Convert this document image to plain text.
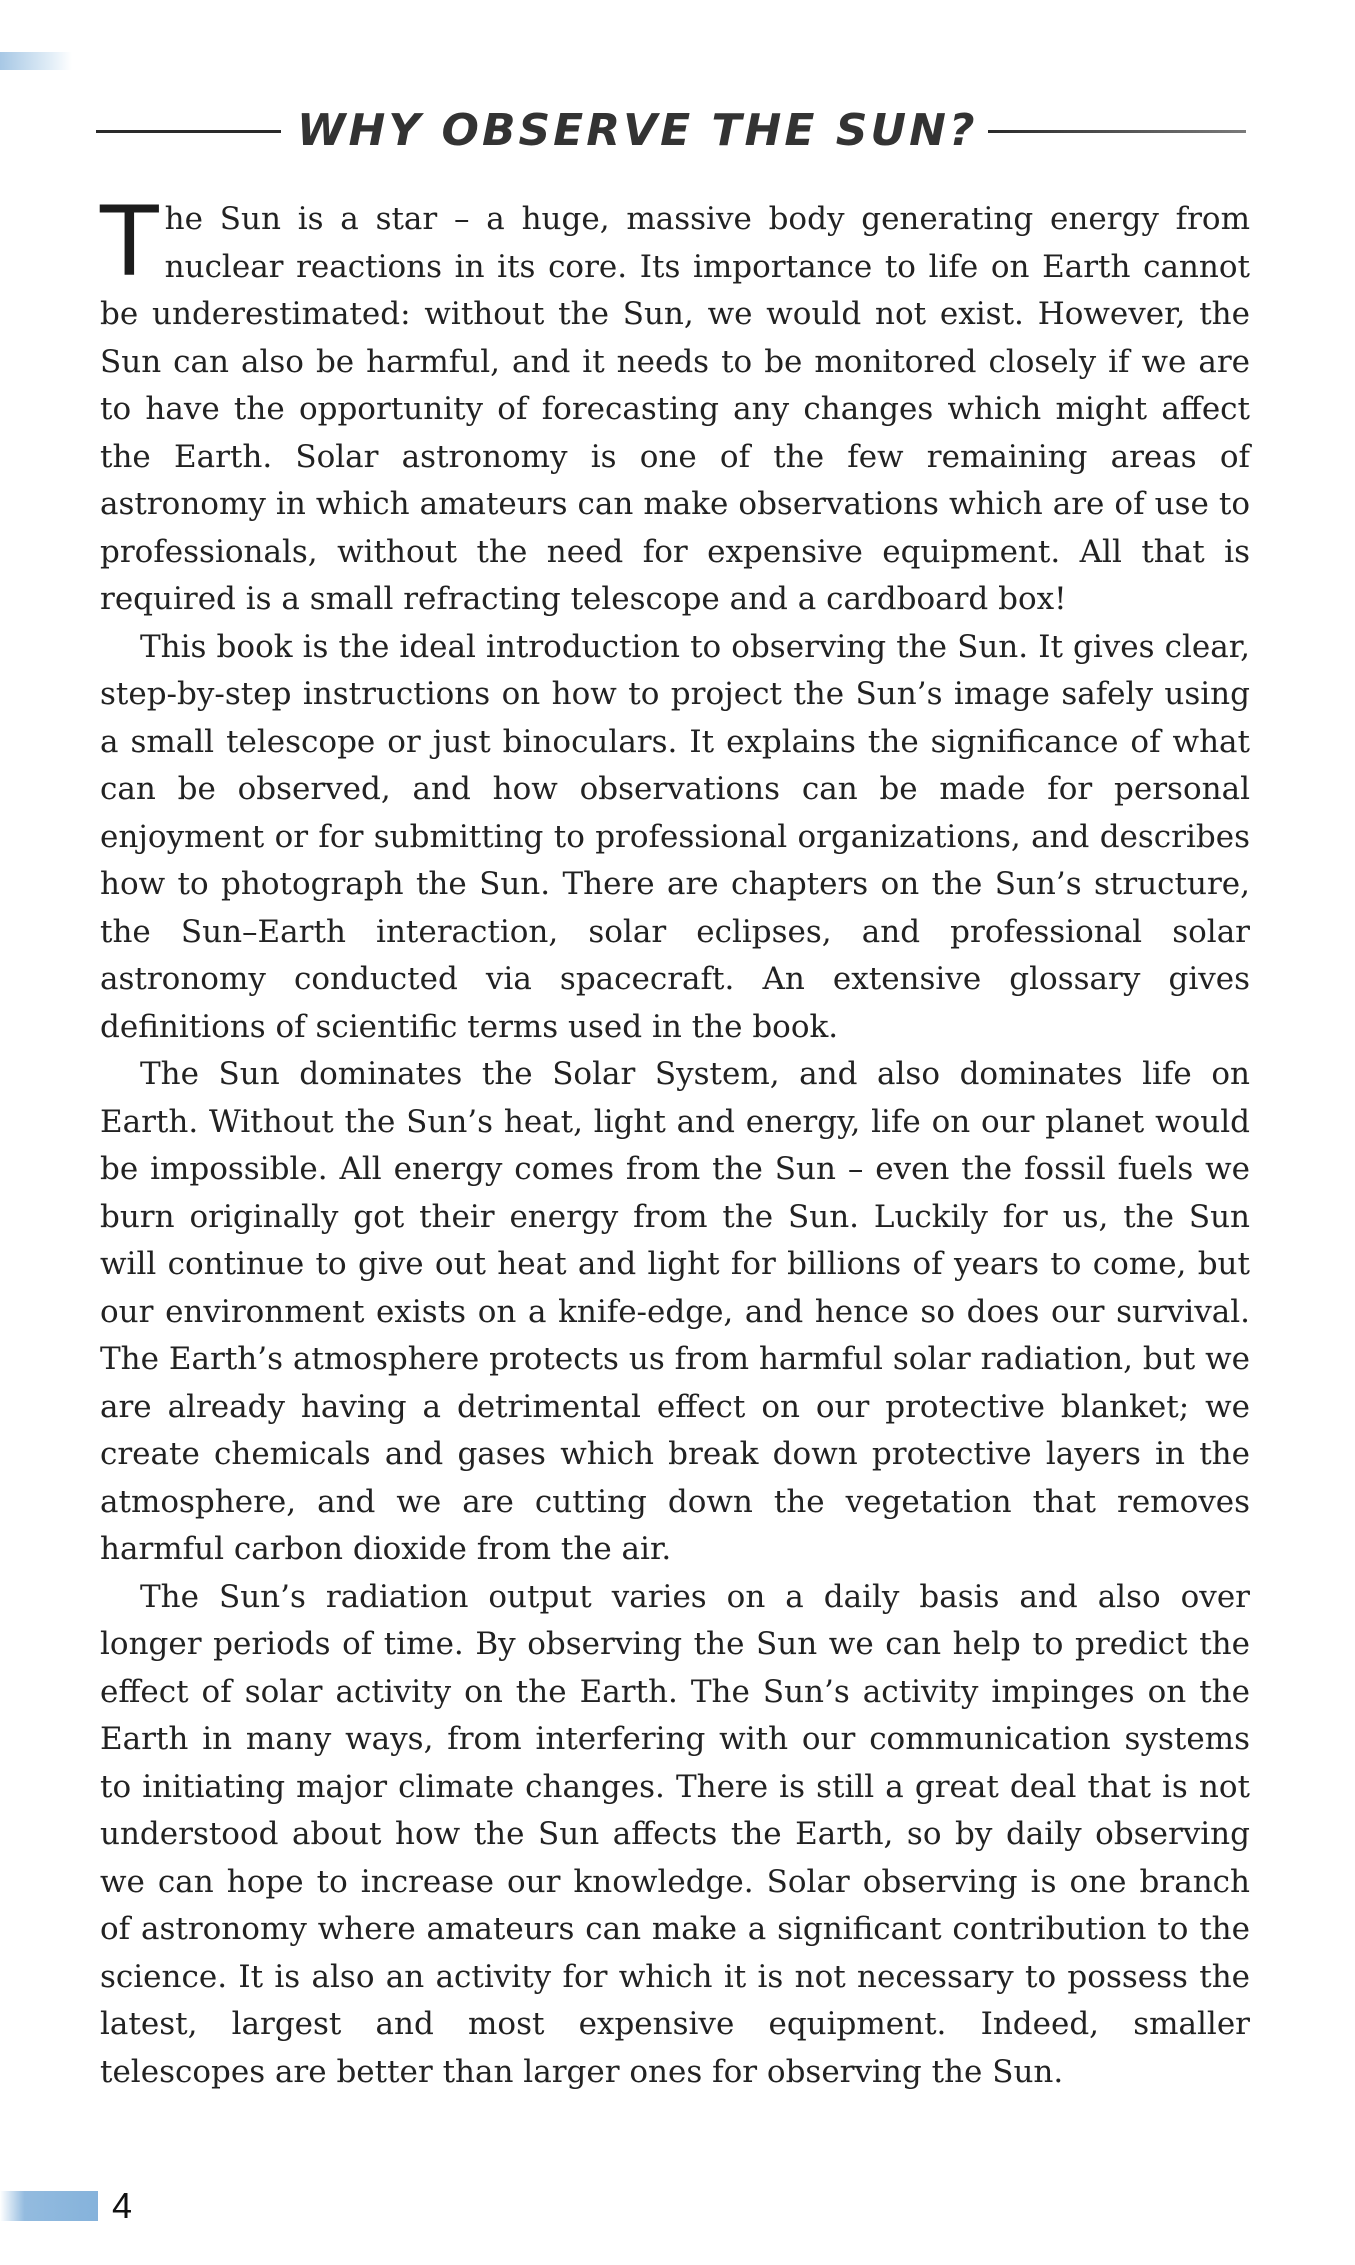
WHY OBSERVE THE SUN?

The Sun is a star – a huge, massive body generating energy from nuclear reactions in its core. Its importance to life on Earth cannot be underestimated: without the Sun, we would not exist. However, the Sun can also be harmful, and it needs to be monitored closely if we are to have the opportunity of forecasting any changes which might affect the Earth. Solar astronomy is one of the few remaining areas of astronomy in which amateurs can make observations which are of use to professionals, without the need for expensive equipment. All that is required is a small refracting telescope and a cardboard box!

This book is the ideal introduction to observing the Sun. It gives clear, step-by-step instructions on how to project the Sun’s image safely using a small telescope or just binoculars. It explains the significance of what can be observed, and how observations can be made for personal enjoyment or for submitting to professional organizations, and describes how to photograph the Sun. There are chapters on the Sun’s structure, the Sun–Earth interaction, solar eclipses, and professional solar astronomy conducted via spacecraft. An extensive glossary gives definitions of scientific terms used in the book.

The Sun dominates the Solar System, and also dominates life on Earth. Without the Sun’s heat, light and energy, life on our planet would be impossible. All energy comes from the Sun – even the fossil fuels we burn originally got their energy from the Sun. Luckily for us, the Sun will continue to give out heat and light for billions of years to come, but our environment exists on a knife-edge, and hence so does our survival. The Earth’s atmosphere protects us from harmful solar radiation, but we are already having a detrimental effect on our protective blanket; we create chemicals and gases which break down protective layers in the atmosphere, and we are cutting down the vegetation that removes harmful carbon dioxide from the air.

The Sun’s radiation output varies on a daily basis and also over longer periods of time. By observing the Sun we can help to predict the effect of solar activity on the Earth. The Sun’s activity impinges on the Earth in many ways, from interfering with our communication systems to initiating major climate changes. There is still a great deal that is not understood about how the Sun affects the Earth, so by daily observing we can hope to increase our knowledge. Solar observing is one branch of astronomy where amateurs can make a significant contribution to the science. It is also an activity for which it is not necessary to possess the latest, largest and most expensive equipment. Indeed, smaller telescopes are better than larger ones for observing the Sun.

4
